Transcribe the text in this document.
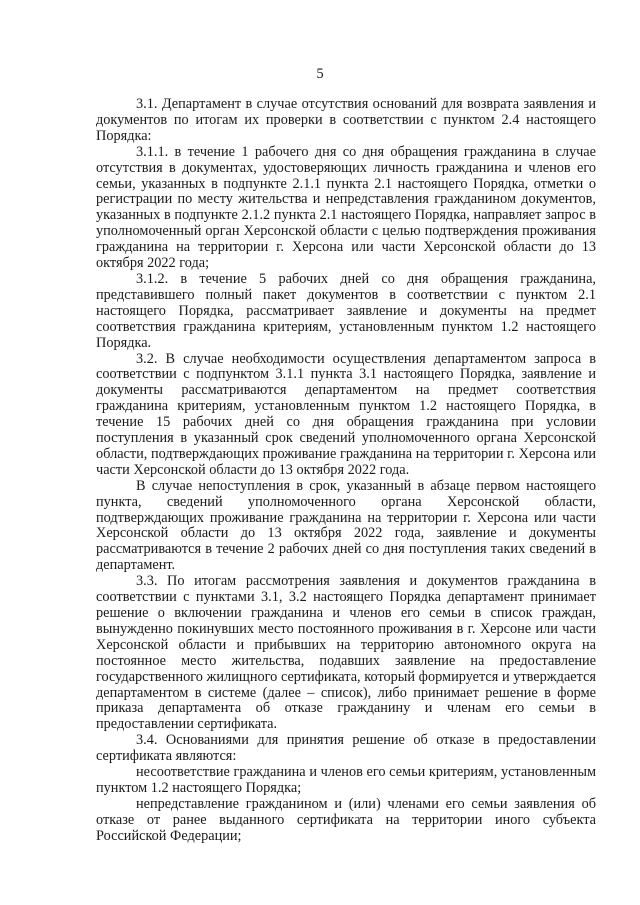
5

3.1. Департамент в случае отсутствия оснований для возврата заявления и документов по итогам их проверки в соответствии с пунктом 2.4 настоящего Порядка:

3.1.1. в течение 1 рабочего дня со дня обращения гражданина в случае отсутствия в документах, удостоверяющих личность гражданина и членов его семьи, указанных в подпункте 2.1.1 пункта 2.1 настоящего Порядка, отметки о регистрации по месту жительства и непредставления гражданином документов, указанных в подпункте 2.1.2 пункта 2.1 настоящего Порядка, направляет запрос в уполномоченный орган Херсонской области с целью подтверждения проживания гражданина на территории г. Херсона или части Херсонской области до 13 октября 2022 года;

3.1.2. в течение 5 рабочих дней со дня обращения гражданина, представившего полный пакет документов в соответствии с пунктом 2.1 настоящего Порядка, рассматривает заявление и документы на предмет соответствия гражданина критериям, установленным пунктом 1.2 настоящего Порядка.

3.2. В случае необходимости осуществления департаментом запроса в соответствии с подпунктом 3.1.1 пункта 3.1 настоящего Порядка, заявление и документы рассматриваются департаментом на предмет соответствия гражданина критериям, установленным пунктом 1.2 настоящего Порядка, в течение 15 рабочих дней со дня обращения гражданина при условии поступления в указанный срок сведений уполномоченного органа Херсонской области, подтверждающих проживание гражданина на территории г. Херсона или части Херсонской области до 13 октября 2022 года.

В случае непоступления в срок, указанный в абзаце первом настоящего пункта, сведений уполномоченного органа Херсонской области, подтверждающих проживание гражданина на территории г. Херсона или части Херсонской области до 13 октября 2022 года, заявление и документы рассматриваются в течение 2 рабочих дней со дня поступления таких сведений в департамент.

3.3. По итогам рассмотрения заявления и документов гражданина в соответствии с пунктами 3.1, 3.2 настоящего Порядка департамент принимает решение о включении гражданина и членов его семьи в список граждан, вынужденно покинувших место постоянного проживания в г. Херсоне или части Херсонской области и прибывших на территорию автономного округа на постоянное место жительства, подавших заявление на предоставление государственного жилищного сертификата, который формируется и утверждается департаментом в системе (далее – список), либо принимает решение в форме приказа департамента об отказе гражданину и членам его семьи в предоставлении сертификата.

3.4. Основаниями для принятия решение об отказе в предоставлении сертификата являются:

несоответствие гражданина и членов его семьи критериям, установленным пунктом 1.2 настоящего Порядка;

непредставление гражданином и (или) членами его семьи заявления об отказе от ранее выданного сертификата на территории иного субъекта Российской Федерации;
